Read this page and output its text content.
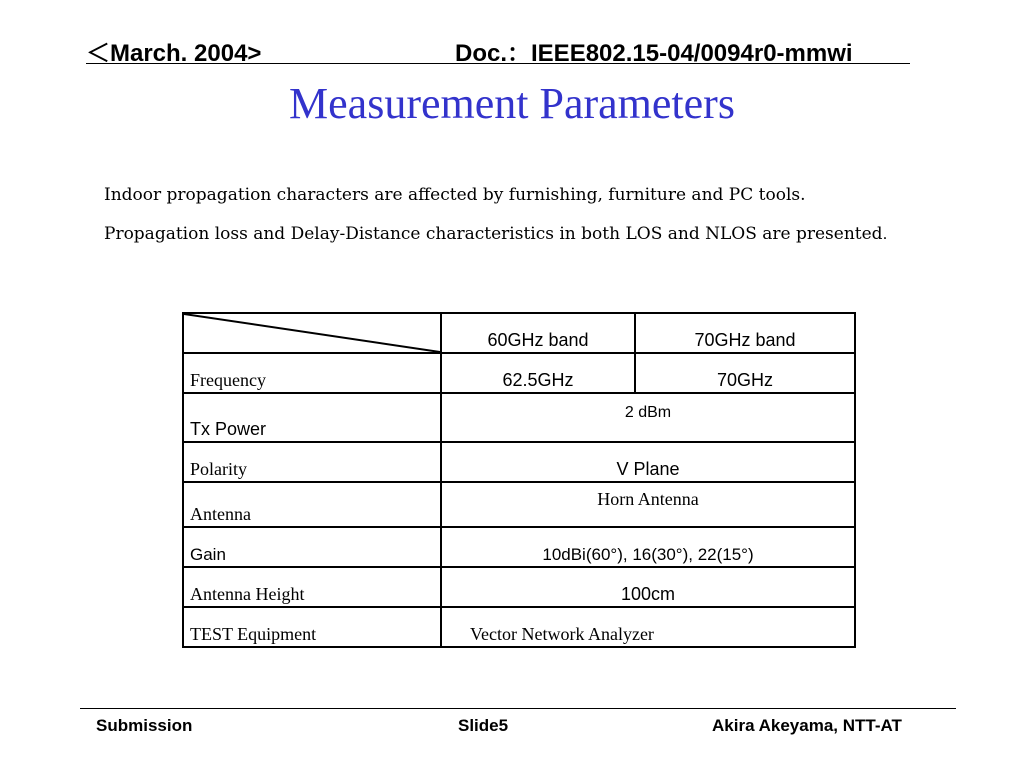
＜March. 2004>	Doc.：IEEE802.15-04/0094r0-mmwi
Measurement Parameters

Indoor propagation characters are affected by furnishing, furniture and PC tools.

Propagation loss and Delay-Distance characteristics in both LOS and NLOS are presented.

	60GHz band	70GHz band
Frequency	62.5GHz	70GHz
Tx Power	2 dBm	
Polarity	V Plane	
Antenna	Horn Antenna	
Gain	10dBi(60°), 16(30°), 22(15°)	
Antenna Height	100cm	
TEST Equipment	Vector Network Analyzer	
Submission	Slide5	Akira Akeyama, NTT-AT
